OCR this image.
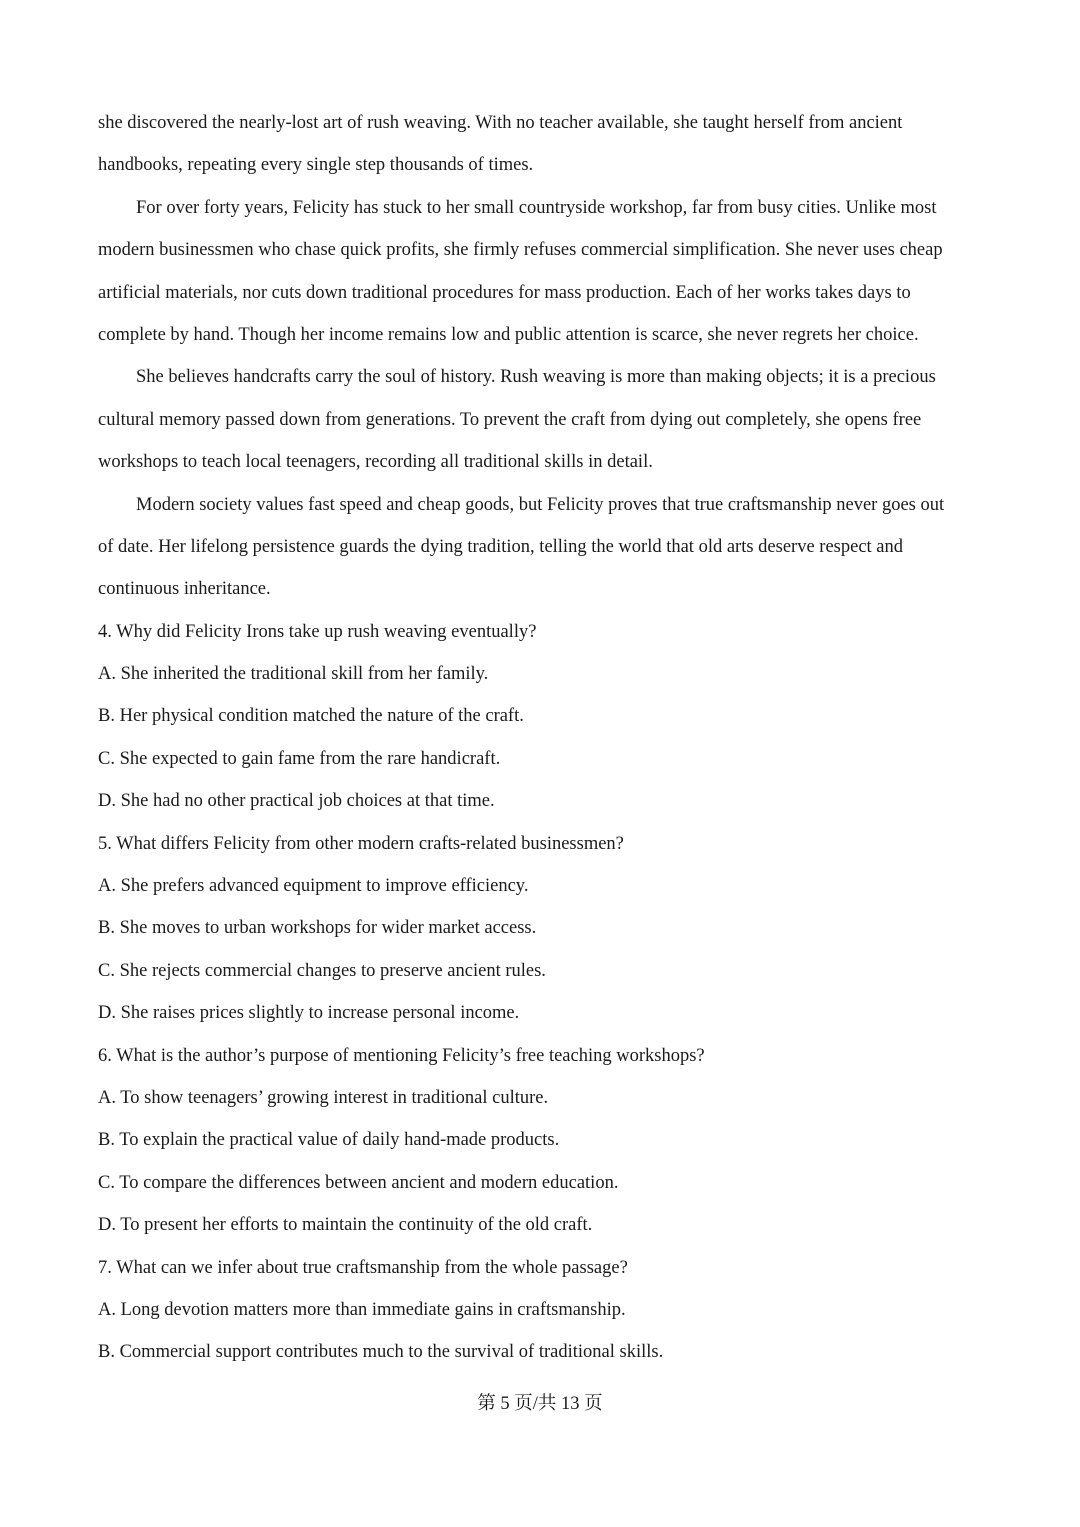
she discovered the nearly-lost art of rush weaving. With no teacher available, she taught herself from ancient
handbooks, repeating every single step thousands of times.
For over forty years, Felicity has stuck to her small countryside workshop, far from busy cities. Unlike most
modern businessmen who chase quick profits, she firmly refuses commercial simplification. She never uses cheap
artificial materials, nor cuts down traditional procedures for mass production. Each of her works takes days to
complete by hand. Though her income remains low and public attention is scarce, she never regrets her choice.
She believes handcrafts carry the soul of history. Rush weaving is more than making objects; it is a precious
cultural memory passed down from generations. To prevent the craft from dying out completely, she opens free
workshops to teach local teenagers, recording all traditional skills in detail.
Modern society values fast speed and cheap goods, but Felicity proves that true craftsmanship never goes out
of date. Her lifelong persistence guards the dying tradition, telling the world that old arts deserve respect and
continuous inheritance.
4. Why did Felicity Irons take up rush weaving eventually?
A. She inherited the traditional skill from her family.
B. Her physical condition matched the nature of the craft.
C. She expected to gain fame from the rare handicraft.
D. She had no other practical job choices at that time.
5. What differs Felicity from other modern crafts-related businessmen?
A. She prefers advanced equipment to improve efficiency.
B. She moves to urban workshops for wider market access.
C. She rejects commercial changes to preserve ancient rules.
D. She raises prices slightly to increase personal income.
6. What is the author’s purpose of mentioning Felicity’s free teaching workshops?
A. To show teenagers’ growing interest in traditional culture.
B. To explain the practical value of daily hand-made products.
C. To compare the differences between ancient and modern education.
D. To present her efforts to maintain the continuity of the old craft.
7. What can we infer about true craftsmanship from the whole passage?
A. Long devotion matters more than immediate gains in craftsmanship.
B. Commercial support contributes much to the survival of traditional skills.
第 5 页/共 13 页
